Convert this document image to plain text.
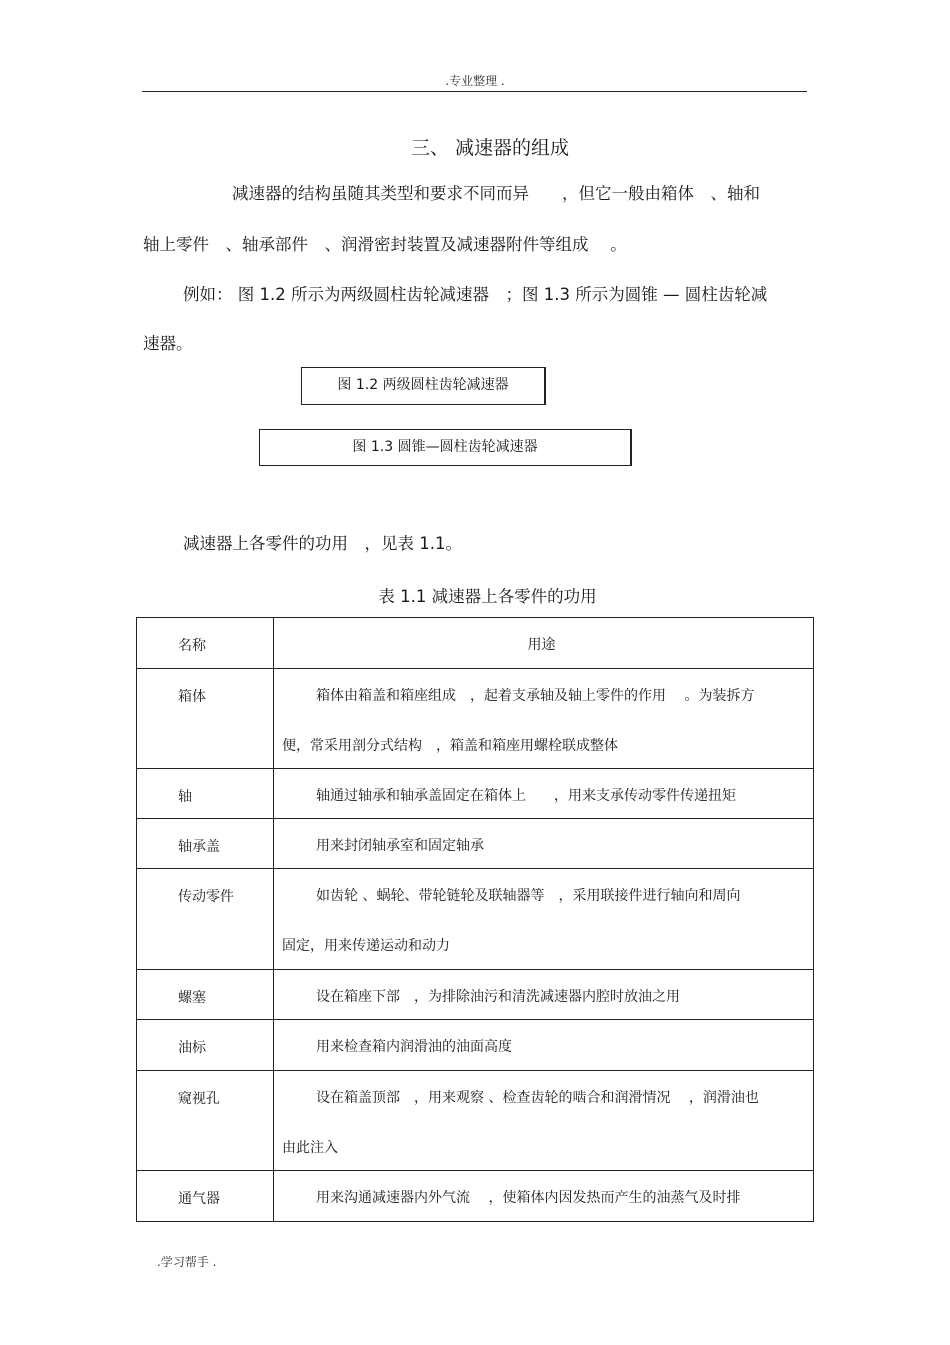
.专业整理 .
三、 减速器的组成
减速器的结构虽随其类型和要求不同而异　　，但它一般由箱体　、轴和
轴上零件　、轴承部件　、润滑密封装置及减速器附件等组成　 。
例如： 图 1.2 所示为两级圆柱齿轮减速器　；图 1.3 所示为圆锥 — 圆柱齿轮减
速器。
图 1.2 两级圆柱齿轮减速器
图 1.3 圆锥—圆柱齿轮减速器
减速器上各零件的功用　，见表 1.1。
表 1.1 减速器上各零件的功用
名称	用途
箱体	箱体由箱盖和箱座组成　，起着支承轴及轴上零件的作用　 。为装拆方
便，常采用剖分式结构　，箱盖和箱座用螺栓联成整体

轴	轴通过轴承和轴承盖固定在箱体上　　，用来支承传动零件传递扭矩

轴承盖	用来封闭轴承室和固定轴承

传动零件	如齿轮 、蜗轮、带轮链轮及联轴器等　，采用联接件进行轴向和周向
固定，用来传递运动和动力

螺塞	设在箱座下部　，为排除油污和清洗减速器内腔时放油之用

油标	用来检查箱内润滑油的油面高度

窥视孔	设在箱盖顶部　，用来观察 、检查齿轮的啮合和润滑情况　 ，润滑油也
由此注入

通气器	用来沟通减速器内外气流　 ，使箱体内因发热而产生的油蒸气及时排
.学习帮手 .
